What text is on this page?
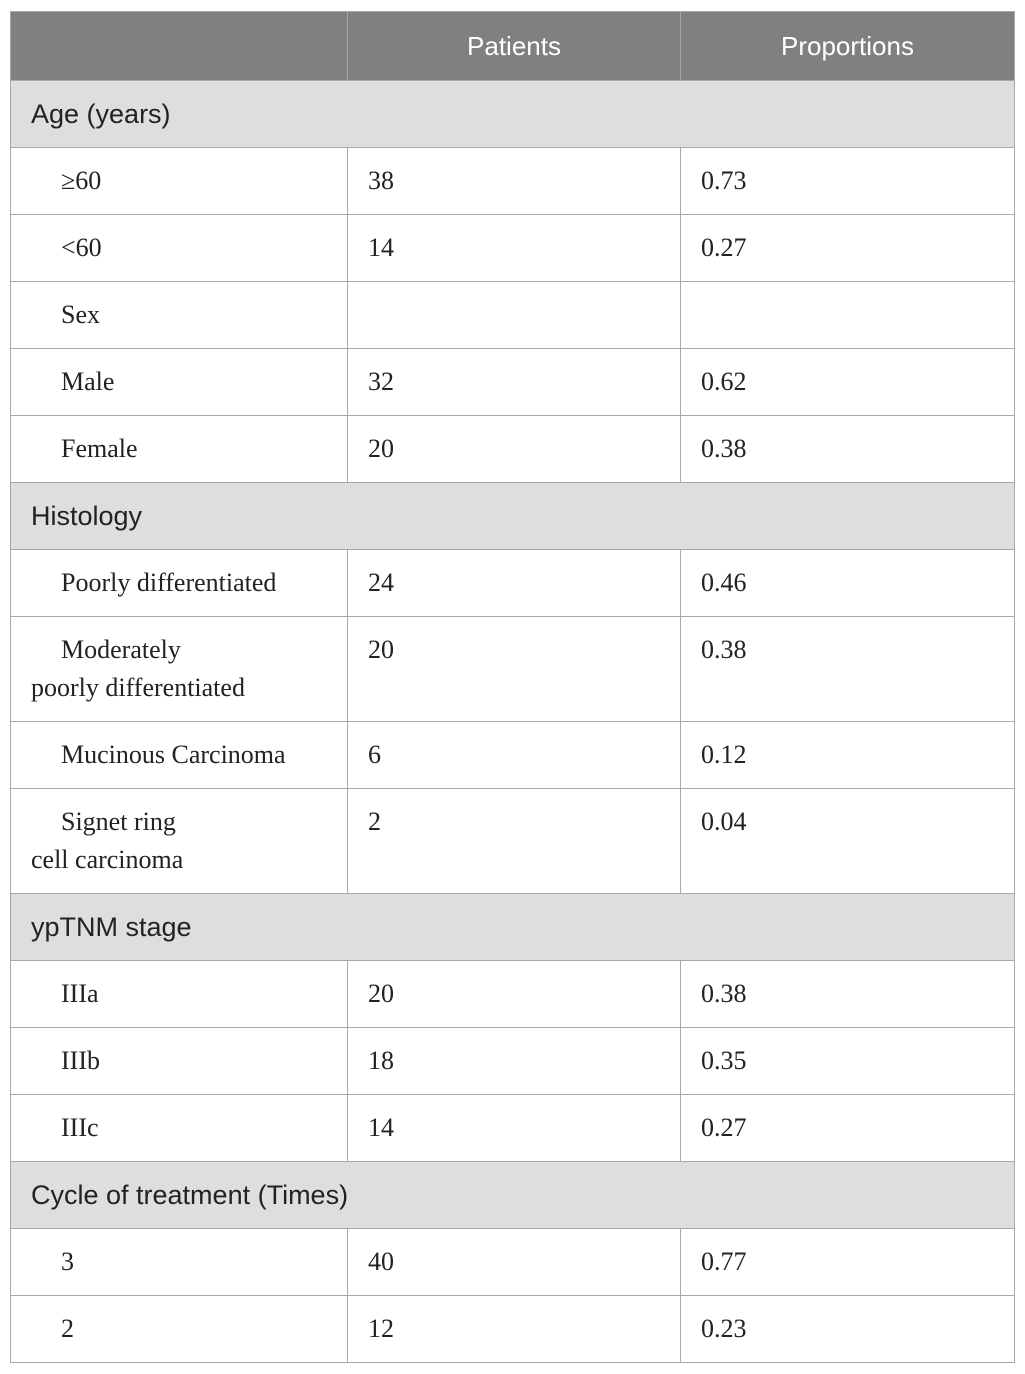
	Patients	Proportions
Age (years)		
≥60	38	0.73
<60	14	0.27
Sex		
Male	32	0.62
Female	20	0.38
Histology		
Poorly differentiated	24	0.46
Moderately
poorly differentiated	20	0.38
Mucinous Carcinoma	6	0.12
Signet ring
cell carcinoma	2	0.04
ypTNM stage		
IIIa	20	0.38
IIIb	18	0.35
IIIc	14	0.27
Cycle of treatment (Times)		
3	40	0.77
2	12	0.23
